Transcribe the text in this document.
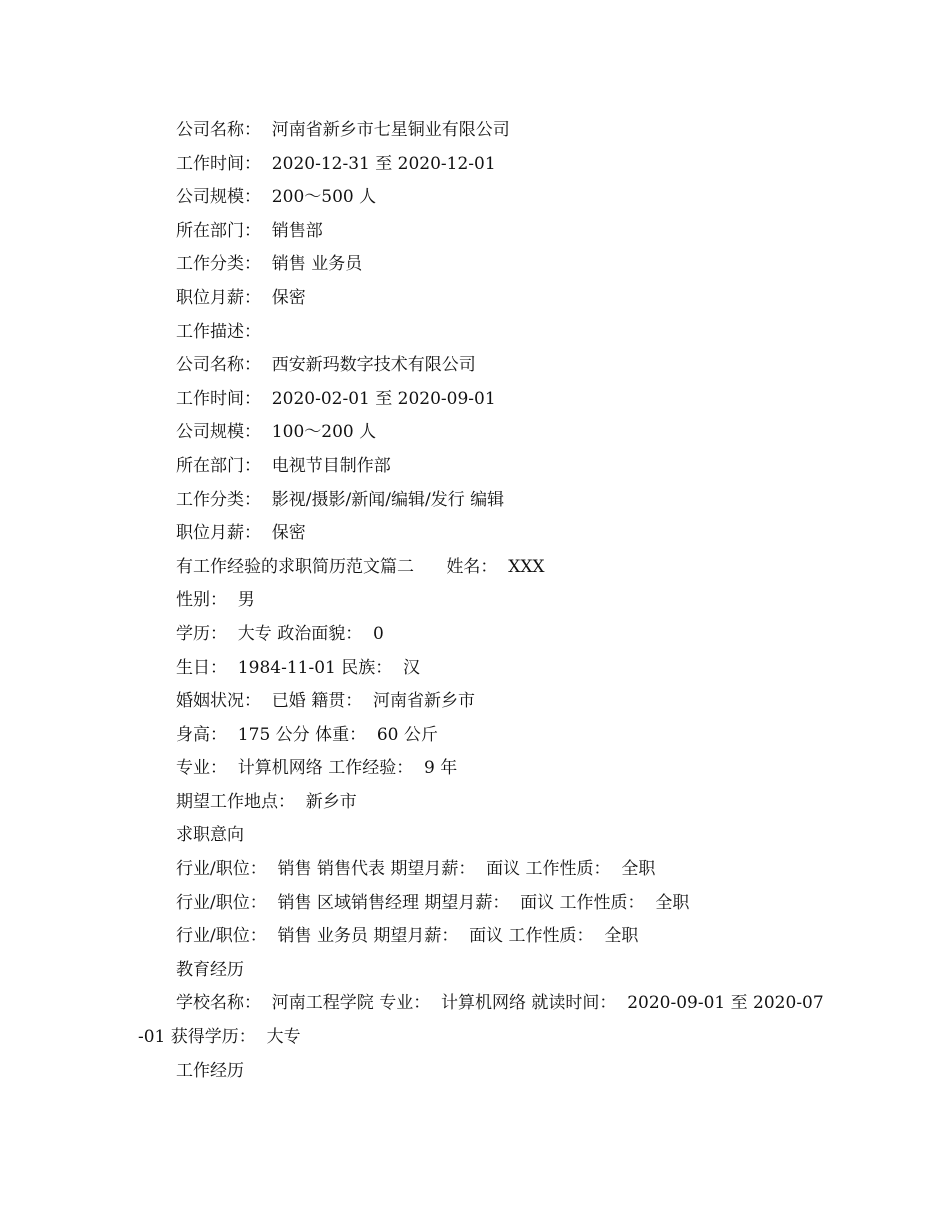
公司名称：  河南省新乡市七星铜业有限公司
工作时间：  2020-12-31 至 2020-12-01
公司规模：  200～500 人
所在部门：  销售部
工作分类：  销售 业务员
职位月薪：  保密
工作描述：
公司名称：  西安新玛数字技术有限公司
工作时间：  2020-02-01 至 2020-09-01
公司规模：  100～200 人
所在部门：  电视节目制作部
工作分类：  影视/摄影/新闻/编辑/发行 编辑
职位月薪：  保密
有工作经验的求职简历范文篇二      姓名：  XXX
性别：  男
学历：  大专 政治面貌：  0
生日：  1984-11-01 民族：  汉
婚姻状况：  已婚 籍贯：  河南省新乡市
身高：  175 公分 体重：  60 公斤
专业：  计算机网络 工作经验：  9 年
期望工作地点：  新乡市
求职意向
行业/职位：  销售 销售代表 期望月薪：  面议 工作性质：  全职
行业/职位：  销售 区域销售经理 期望月薪：  面议 工作性质：  全职
行业/职位：  销售 业务员 期望月薪：  面议 工作性质：  全职
教育经历
学校名称：  河南工程学院 专业：  计算机网络 就读时间：  2020-09-01 至 2020-07-01 获得学历：  大专
工作经历
